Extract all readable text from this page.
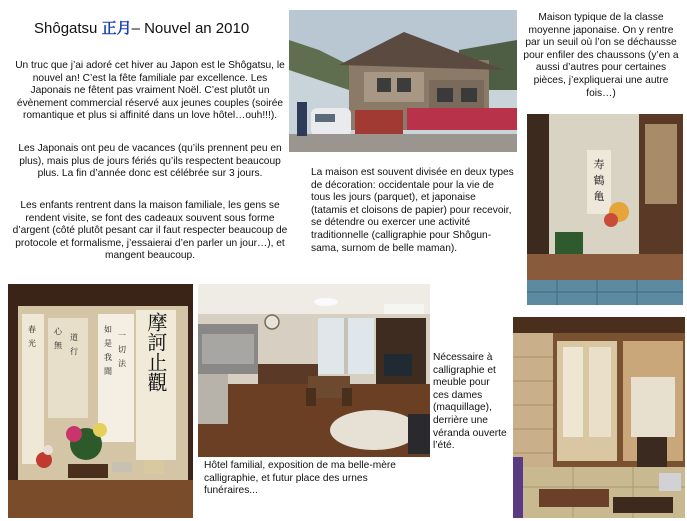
Shôgatsu 正月– Nouvel an 2010
Un truc que j’ai adoré cet hiver au Japon est le Shôgatsu, le nouvel an! C’est la fête familiale par excellence. Les Japonais ne fêtent pas vraiment Noël. C’est plutôt un évènement commercial réservé aux jeunes couples (soirée romantique et plus si affinité dans un love hôtel…ouh!!!).
Les Japonais ont peu de vacances (qu’ils prennent peu en plus), mais plus de jours fériés qu’ils respectent beaucoup plus. La fin d’année donc est célébrée sur 3 jours.
Les enfants rentrent dans la maison familiale, les gens se rendent visite, se font des cadeaux souvent sous forme d’argent (côté plutôt pesant car il faut respecter beaucoup de protocole et formalisme, j’essaierai d’en parler un jour…), et mangent beaucoup.
Maison typique de la classe moyenne japonaise. On y rentre par un seuil où l’on se déchausse pour enfiler des chaussons (y’en a aussi d’autres pour certaines pièces, j’expliquerai une autre fois…)
寿
鶴
亀
La maison est souvent divisée en deux types de décoration: occidentale pour la vie de tous les jours (parquet), et japonaise (tatamis et cloisons de papier) pour recevoir, se détendre ou exercer une activité traditionnelle (calligraphie pour Shôgun-sama, surnom de belle maman).
如
是
我
聞
一
切
法
心
無
道
行
春
光	摩訶止觀
Hôtel familial, exposition de ma belle-mère calligraphie, et futur place des urnes funéraires...
Nécessaire à calligraphie et meuble pour ces dames (maquillage), derrière une véranda ouverte l’été.
